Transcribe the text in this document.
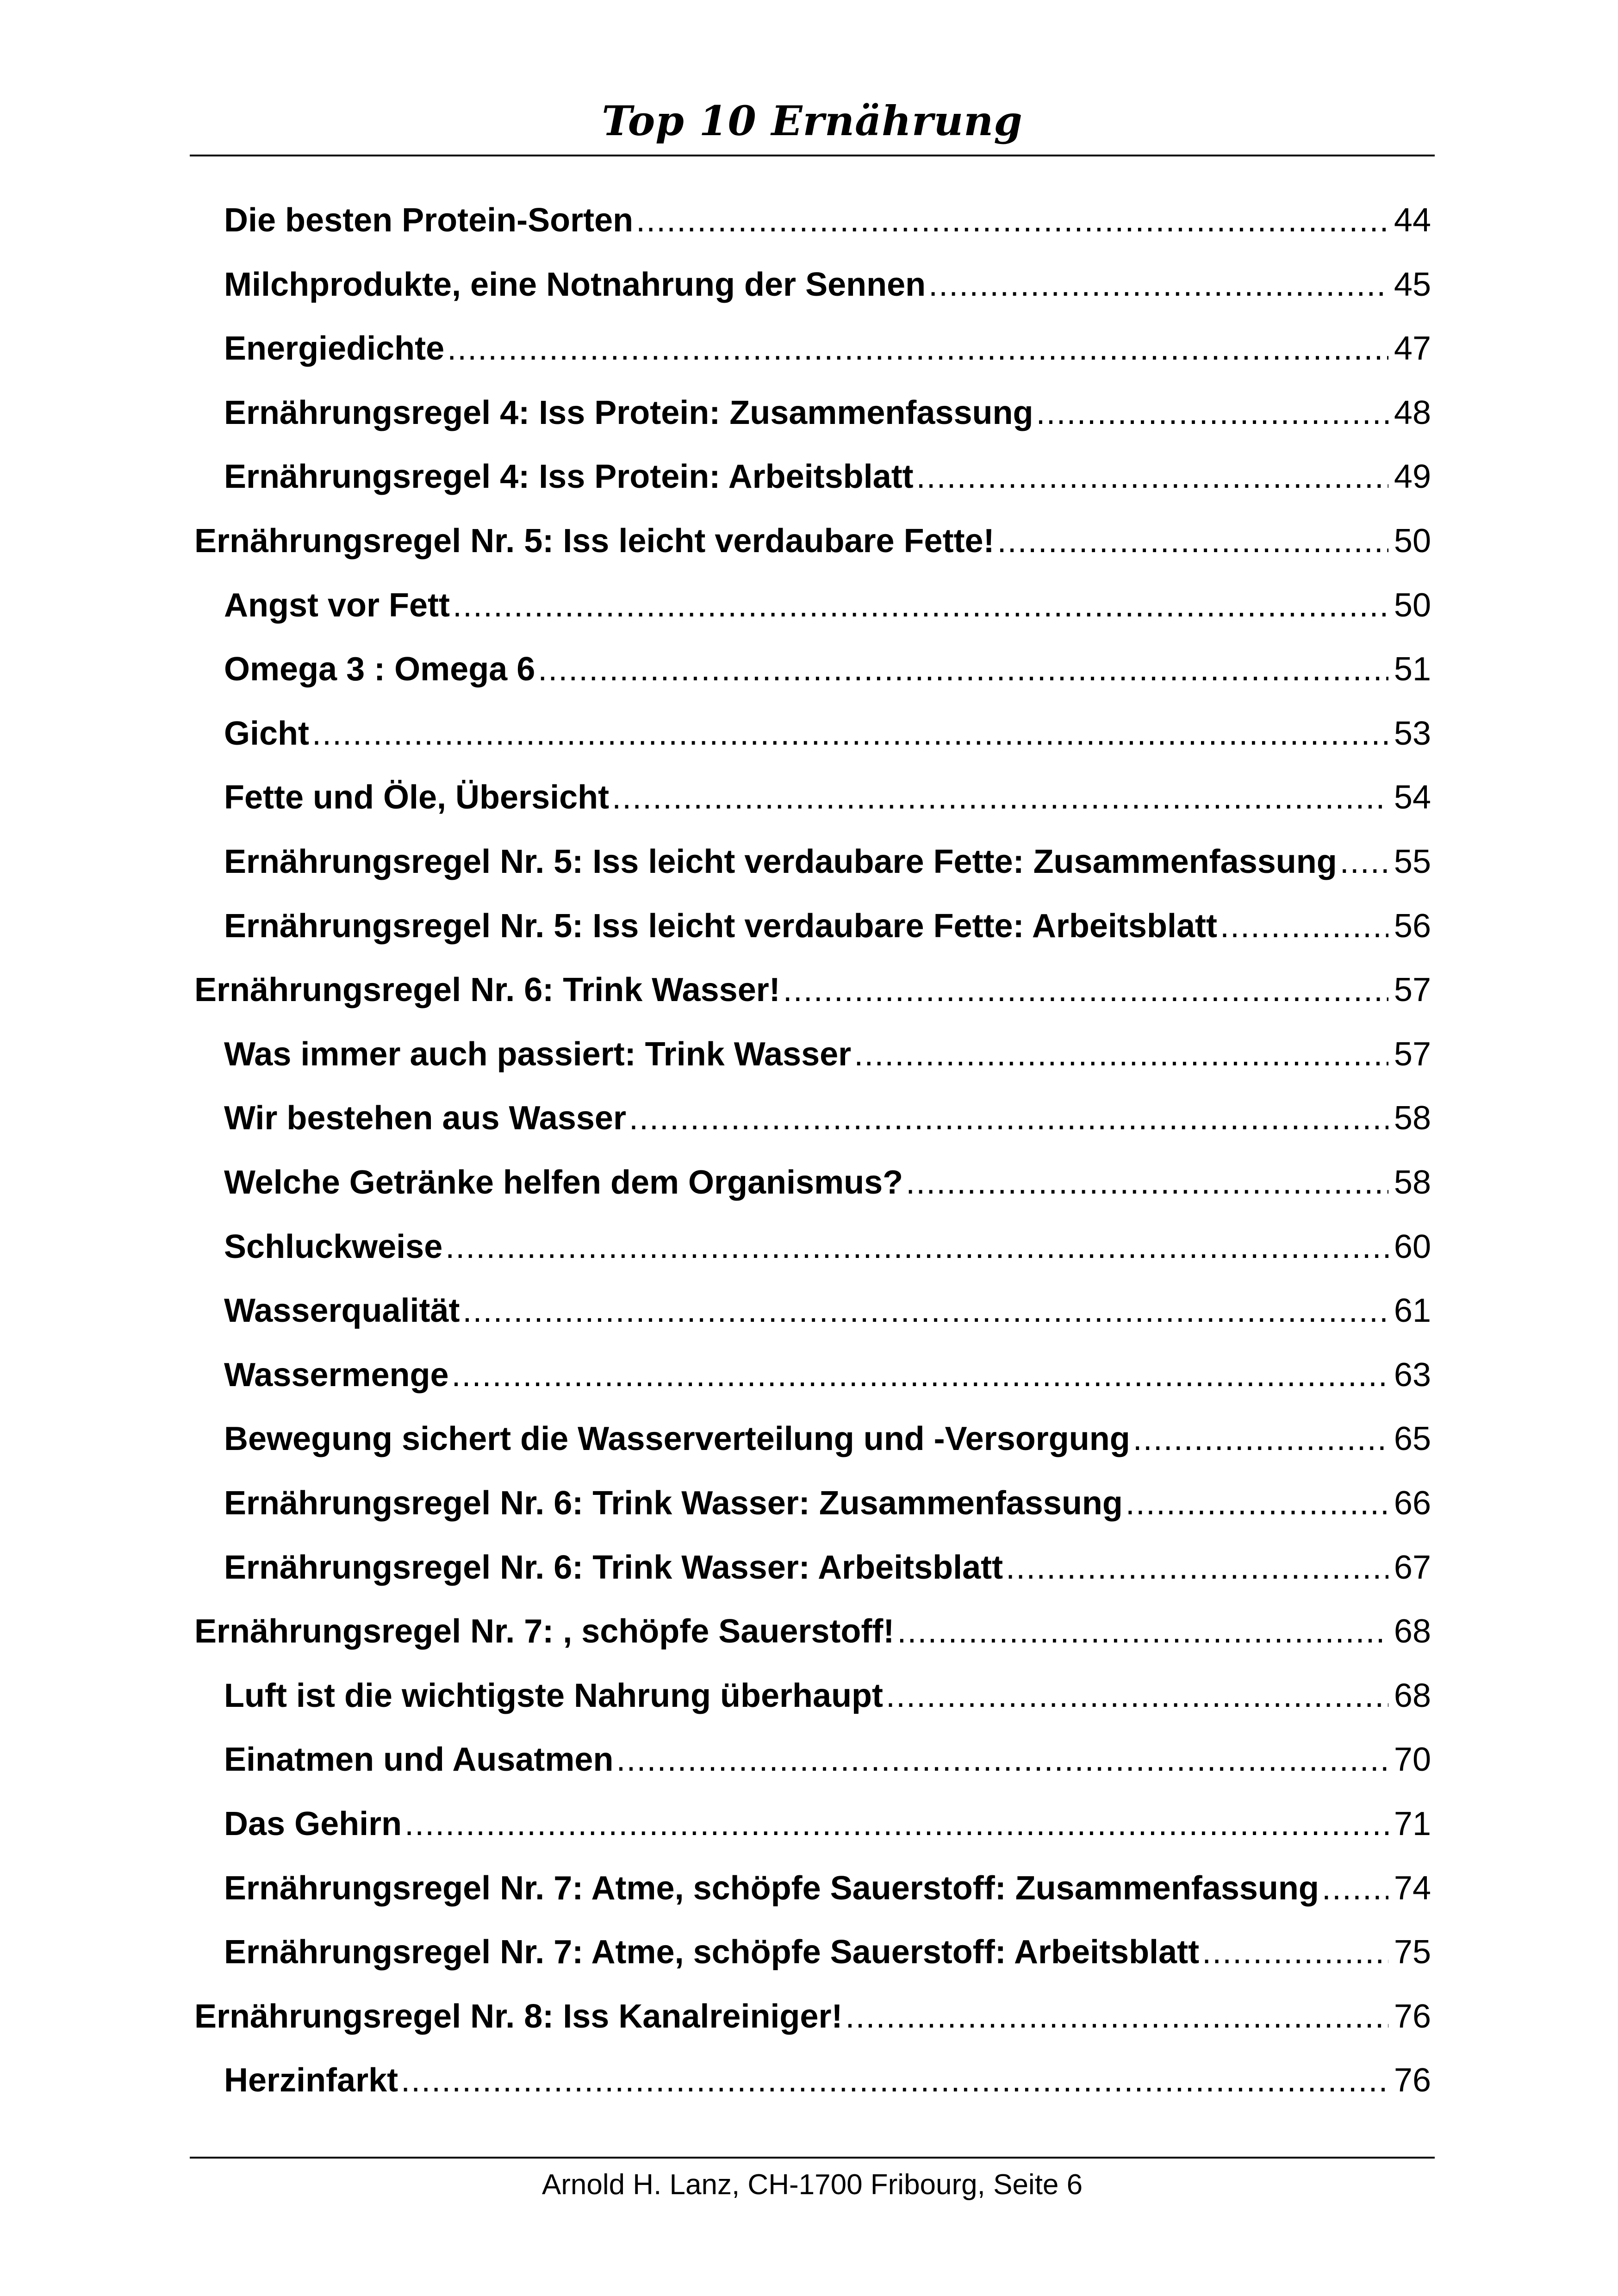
Top 10 Ernährung
Die besten Protein-Sorten .....	44
Milchprodukte, eine Notnahrung der Sennen .....	45
Energiedichte .....	47
Ernährungsregel 4: Iss Protein: Zusammenfassung .....	48
Ernährungsregel 4: Iss Protein: Arbeitsblatt .....	49
Ernährungsregel Nr. 5: Iss leicht verdaubare Fette! .....	50
Angst vor Fett .....	50
Omega 3 : Omega 6 .....	51
Gicht .....	53
Fette und Öle, Übersicht .....	54
Ernährungsregel Nr. 5: Iss leicht verdaubare Fette: Zusammenfassung ..... 55
Ernährungsregel Nr. 5: Iss leicht verdaubare Fette: Arbeitsblatt .....	56
Ernährungsregel Nr. 6: Trink Wasser! .....	57
Was immer auch passiert: Trink Wasser .....	57
Wir bestehen aus Wasser .....	58
Welche Getränke helfen dem Organismus? .....	58
Schluckweise .....	60
Wasserqualität .....	61
Wassermenge .....	63
Bewegung sichert die Wasserverteilung und -Versorgung .....	65
Ernährungsregel Nr. 6: Trink Wasser: Zusammenfassung .....	66
Ernährungsregel Nr. 6: Trink Wasser: Arbeitsblatt .....	67
Ernährungsregel Nr. 7: , schöpfe Sauerstoff! .....	68
Luft ist die wichtigste Nahrung überhaupt .....	68
Einatmen und Ausatmen .....	70
Das Gehirn .....	71
Ernährungsregel Nr. 7: Atme, schöpfe Sauerstoff: Zusammenfassung ..... 74
Ernährungsregel Nr. 7: Atme, schöpfe Sauerstoff: Arbeitsblatt .....	75
Ernährungsregel Nr. 8: Iss Kanalreiniger! .....	76
Herzinfarkt .....	76
Arnold H. Lanz, CH-1700 Fribourg, Seite 6
